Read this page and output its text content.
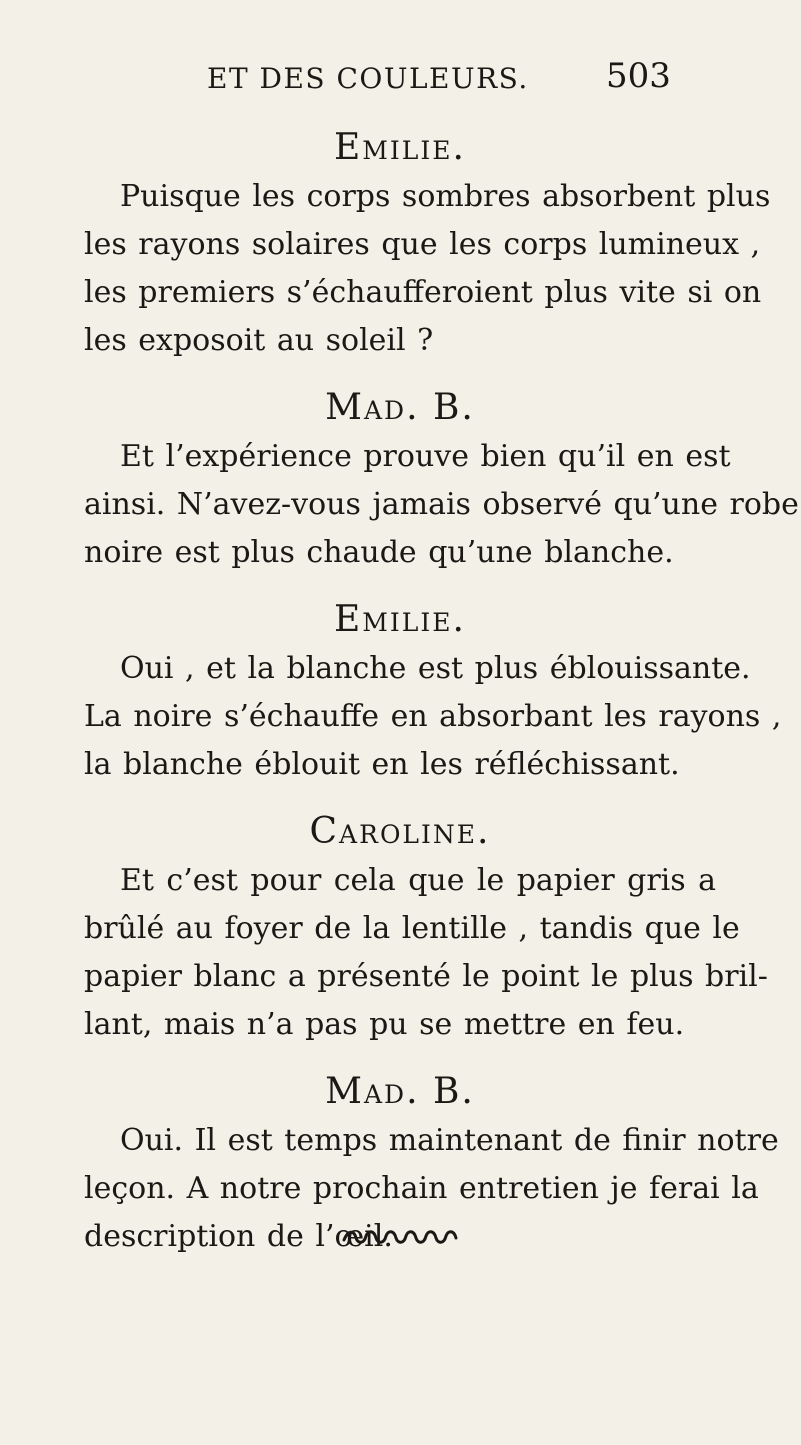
ET DES COULEURS. 503

Emilie.

Puisque les corps sombres absorbent plus
les rayons solaires que les corps lumineux ,
les premiers s’échaufferoient plus vite si on
les exposoit au soleil ?

Mad. B.

Et l’expérience prouve bien qu’il en est
ainsi. N’avez-vous jamais observé qu’une robe
noire est plus chaude qu’une blanche.

Emilie.

Oui , et la blanche est plus éblouissante.
La noire s’échauffe en absorbant les rayons ,
la blanche éblouit en les réfléchissant.

Caroline.

Et c’est pour cela que le papier gris a
brûlé au foyer de la lentille , tandis que le
papier blanc a présenté le point le plus bril-
lant, mais n’a pas pu se mettre en feu.

Mad. B.

Oui. Il est temps maintenant de finir notre
leçon. A notre prochain entretien je ferai la
description de l’œil.
